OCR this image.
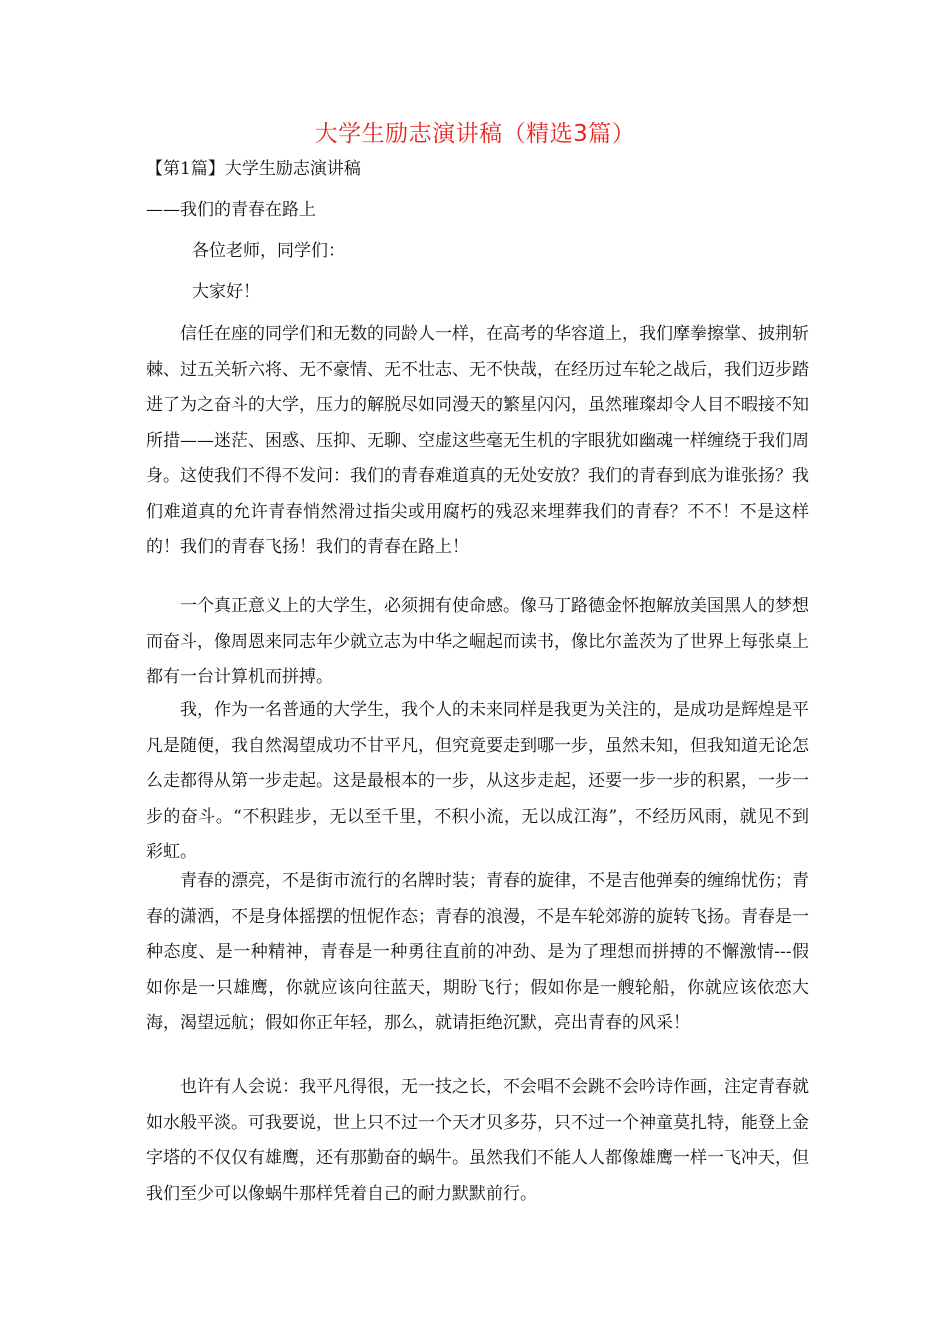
大学生励志演讲稿（精选3篇）
【第1篇】大学生励志演讲稿
——我们的青春在路上
各位老师，同学们：
大家好！
信任在座的同学们和无数的同龄人一样，在高考的华容道上，我们摩拳擦掌、披荆斩棘、过五关斩六将、无不豪情、无不壮志、无不快哉，在经历过车轮之战后，我们迈步踏进了为之奋斗的大学，压力的解脱尽如同漫天的繁星闪闪，虽然璀璨却令人目不暇接不知所措——迷茫、困惑、压抑、无聊、空虚这些毫无生机的字眼犹如幽魂一样缠绕于我们周身。这使我们不得不发问：我们的青春难道真的无处安放？我们的青春到底为谁张扬？我们难道真的允许青春悄然滑过指尖或用腐朽的残忍来埋葬我们的青春？不不！不是这样的！我们的青春飞扬！我们的青春在路上！
一个真正意义上的大学生，必须拥有使命感。像马丁路德金怀抱解放美国黑人的梦想而奋斗，像周恩来同志年少就立志为中华之崛起而读书，像比尔盖茨为了世界上每张桌上都有一台计算机而拼搏。
我，作为一名普通的大学生，我个人的未来同样是我更为关注的，是成功是辉煌是平凡是随便，我自然渴望成功不甘平凡，但究竟要走到哪一步，虽然未知，但我知道无论怎么走都得从第一步走起。这是最根本的一步，从这步走起，还要一步一步的积累，一步一步的奋斗。“不积跬步，无以至千里，不积小流，无以成江海”，不经历风雨，就见不到彩虹。
青春的漂亮，不是街市流行的名牌时装；青春的旋律，不是吉他弹奏的缠绵忧伤；青春的潇洒，不是身体摇摆的忸怩作态；青春的浪漫，不是车轮郊游的旋转飞扬。青春是一种态度、是一种精神，青春是一种勇往直前的冲劲、是为了理想而拼搏的不懈激情---假如你是一只雄鹰，你就应该向往蓝天，期盼飞行；假如你是一艘轮船，你就应该依恋大海，渴望远航；假如你正年轻，那么，就请拒绝沉默，亮出青春的风采！
也许有人会说：我平凡得很，无一技之长，不会唱不会跳不会吟诗作画，注定青春就如水般平淡。可我要说，世上只不过一个天才贝多芬，只不过一个神童莫扎特，能登上金字塔的不仅仅有雄鹰，还有那勤奋的蜗牛。虽然我们不能人人都像雄鹰一样一飞冲天，但我们至少可以像蜗牛那样凭着自己的耐力默默前行。
